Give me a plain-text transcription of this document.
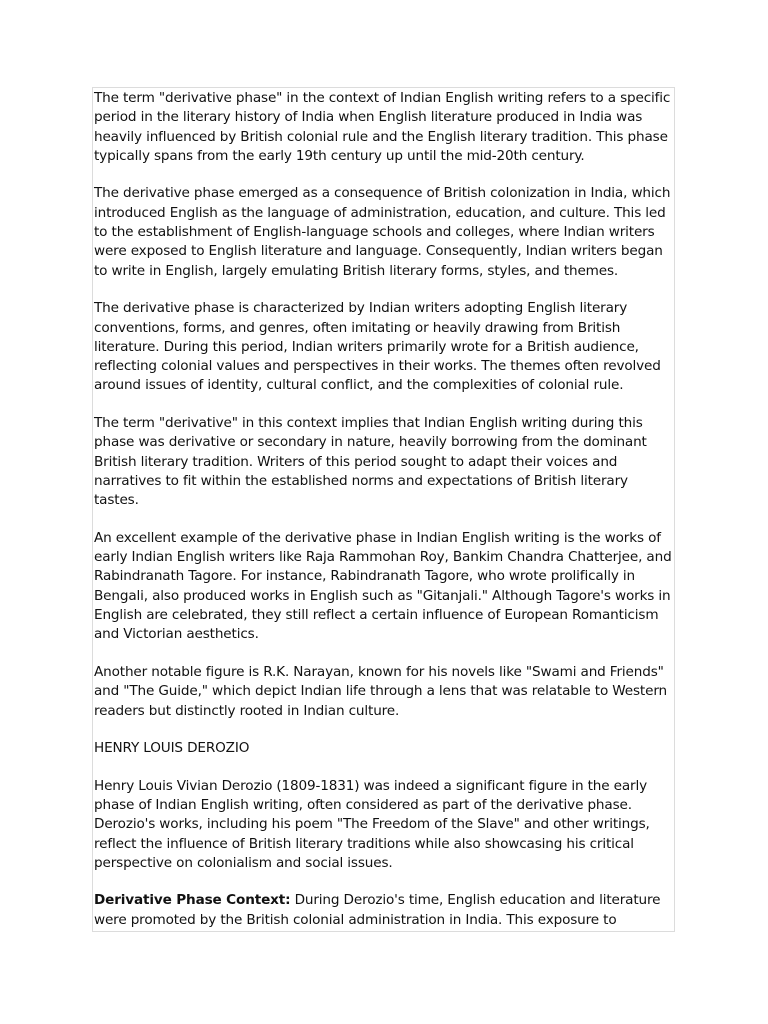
The term "derivative phase" in the context of Indian English writing refers to a specific period in the literary history of India when English literature produced in India was heavily influenced by British colonial rule and the English literary tradition. This phase typically spans from the early 19th century up until the mid-20th century.

The derivative phase emerged as a consequence of British colonization in India, which introduced English as the language of administration, education, and culture. This led to the establishment of English-language schools and colleges, where Indian writers were exposed to English literature and language. Consequently, Indian writers began to write in English, largely emulating British literary forms, styles, and themes.

The derivative phase is characterized by Indian writers adopting English literary conventions, forms, and genres, often imitating or heavily drawing from British literature. During this period, Indian writers primarily wrote for a British audience, reflecting colonial values and perspectives in their works. The themes often revolved around issues of identity, cultural conflict, and the complexities of colonial rule.

The term "derivative" in this context implies that Indian English writing during this phase was derivative or secondary in nature, heavily borrowing from the dominant British literary tradition. Writers of this period sought to adapt their voices and narratives to fit within the established norms and expectations of British literary tastes.

An excellent example of the derivative phase in Indian English writing is the works of early Indian English writers like Raja Rammohan Roy, Bankim Chandra Chatterjee, and Rabindranath Tagore. For instance, Rabindranath Tagore, who wrote prolifically in Bengali, also produced works in English such as "Gitanjali." Although Tagore's works in English are celebrated, they still reflect a certain influence of European Romanticism and Victorian aesthetics.

Another notable figure is R.K. Narayan, known for his novels like "Swami and Friends" and "The Guide," which depict Indian life through a lens that was relatable to Western readers but distinctly rooted in Indian culture.

HENRY LOUIS DEROZIO

Henry Louis Vivian Derozio (1809-1831) was indeed a significant figure in the early phase of Indian English writing, often considered as part of the derivative phase. Derozio's works, including his poem "The Freedom of the Slave" and other writings, reflect the influence of British literary traditions while also showcasing his critical perspective on colonialism and social issues.

Derivative Phase Context: During Derozio's time, English education and literature were promoted by the British colonial administration in India. This exposure to
